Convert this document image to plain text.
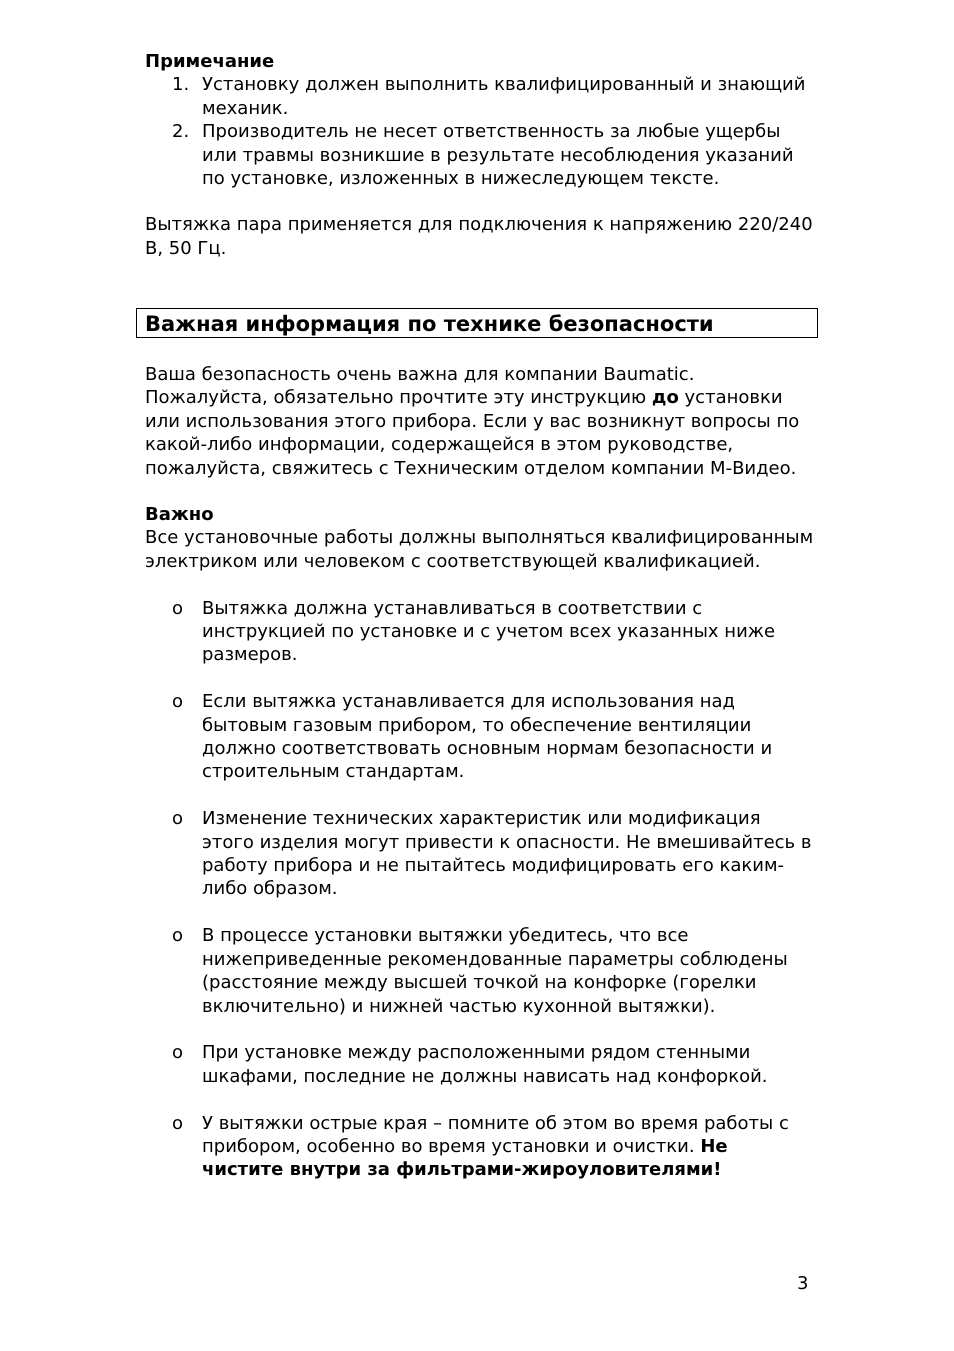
Примечание

1. Установку должен выполнить квалифицированный и знающий механик.
2. Производитель не несет ответственность за любые ущербы или травмы возникшие в результате несоблюдения указаний по установке, изложенных в нижеследующем тексте.

Вытяжка пара применяется для подключения к напряжению 220/240 В, 50 Гц.

Важная информация по технике безопасности

Ваша безопасность очень важна для компании Baumatic. Пожалуйста, обязательно прочтите эту инструкцию до установки или использования этого прибора. Если у вас возникнут вопросы по какой-либо информации, содержащейся в этом руководстве, пожалуйста, свяжитесь с Техническим отделом компании М-Видео.

Важно

Все установочные работы должны выполняться квалифицированным электриком или человеком с соответствующей квалификацией.

o Вытяжка должна устанавливаться в соответствии с инструкцией по установке и с учетом всех указанных ниже размеров.
o Если вытяжка устанавливается для использования над бытовым газовым прибором, то обеспечение вентиляции должно соответствовать основным нормам безопасности и строительным стандартам.
o Изменение технических характеристик или модификация этого изделия могут привести к опасности. Не вмешивайтесь в работу прибора и не пытайтесь модифицировать его каким-либо образом.
o В процессе установки вытяжки убедитесь, что все нижеприведенные рекомендованные параметры соблюдены (расстояние между высшей точкой на конфорке (горелки включительно) и нижней частью кухонной вытяжки).
o При установке между расположенными рядом стенными шкафами, последние не должны нависать над конфоркой.
o У вытяжки острые края – помните об этом во время работы с прибором, особенно во время установки и очистки. Не чистите внутри за фильтрами-жироуловителями!
3
